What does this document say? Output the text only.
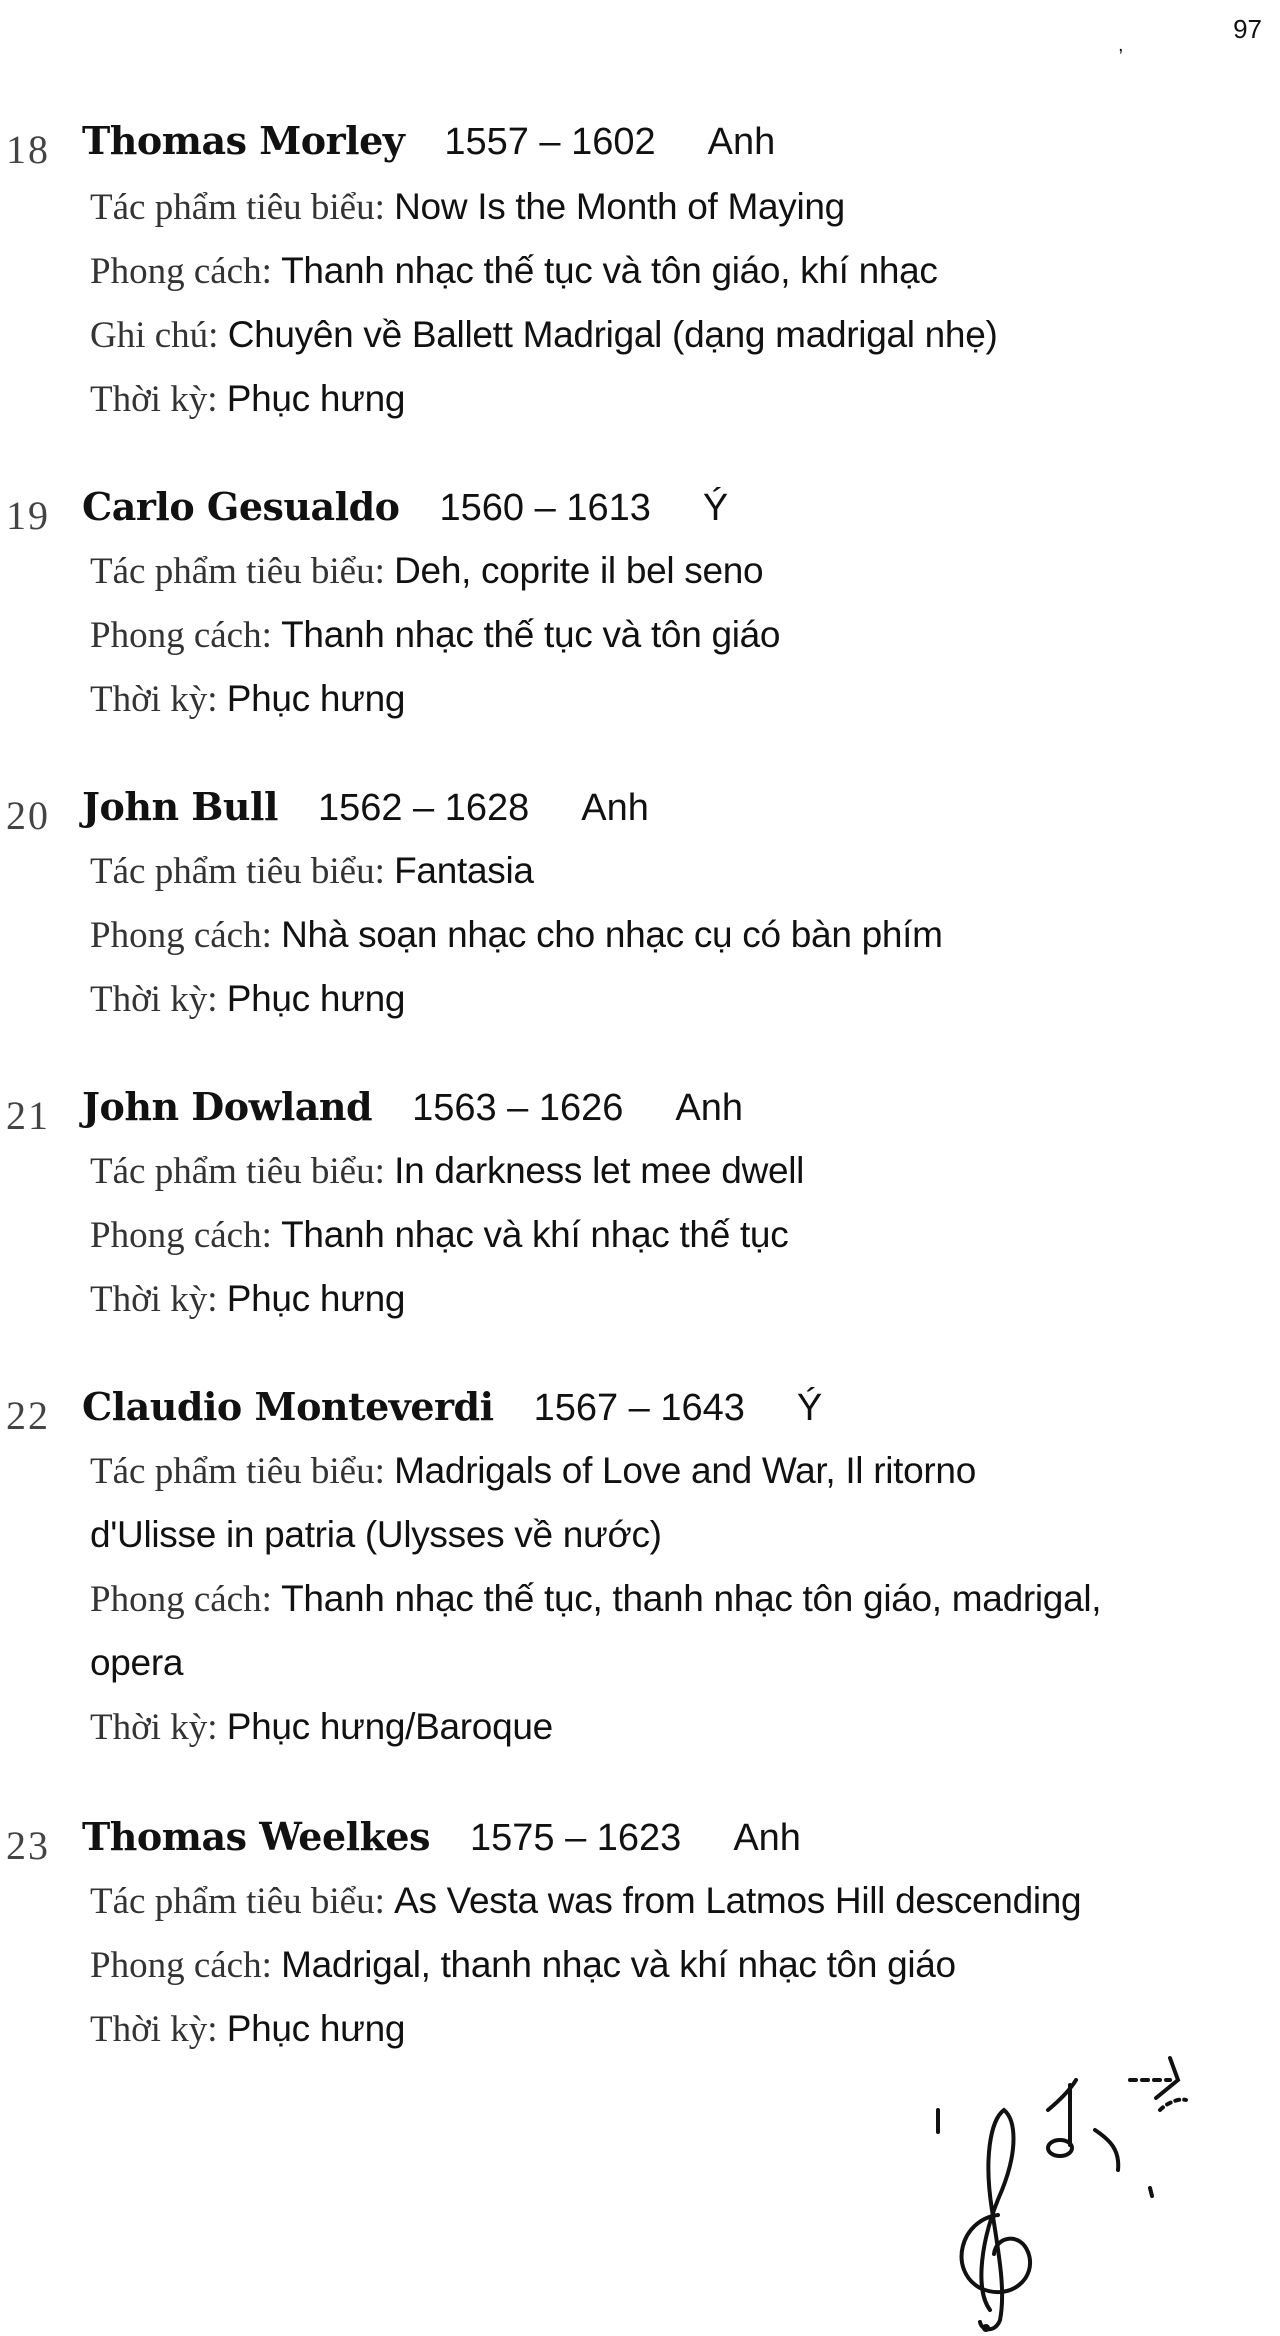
97
,
18 Thomas Morley 1557 – 1602 Anh
Tác phẩm tiêu biểu: Now Is the Month of Maying
Phong cách: Thanh nhạc thế tục và tôn giáo, khí nhạc
Ghi chú: Chuyên về Ballett Madrigal (dạng madrigal nhẹ)
Thời kỳ: Phục hưng
19 Carlo Gesualdo 1560 – 1613 Ý
Tác phẩm tiêu biểu: Deh, coprite il bel seno
Phong cách: Thanh nhạc thế tục và tôn giáo
Thời kỳ: Phục hưng
20 John Bull 1562 – 1628 Anh
Tác phẩm tiêu biểu: Fantasia
Phong cách: Nhà soạn nhạc cho nhạc cụ có bàn phím
Thời kỳ: Phục hưng
21 John Dowland 1563 – 1626 Anh
Tác phẩm tiêu biểu: In darkness let mee dwell
Phong cách: Thanh nhạc và khí nhạc thế tục
Thời kỳ: Phục hưng
22 Claudio Monteverdi 1567 – 1643 Ý
Tác phẩm tiêu biểu: Madrigals of Love and War, Il ritorno
d'Ulisse in patria (Ulysses về nước)
Phong cách: Thanh nhạc thế tục, thanh nhạc tôn giáo, madrigal,
opera
Thời kỳ: Phục hưng/Baroque
23 Thomas Weelkes 1575 – 1623 Anh
Tác phẩm tiêu biểu: As Vesta was from Latmos Hill descending
Phong cách: Madrigal, thanh nhạc và khí nhạc tôn giáo
Thời kỳ: Phục hưng
